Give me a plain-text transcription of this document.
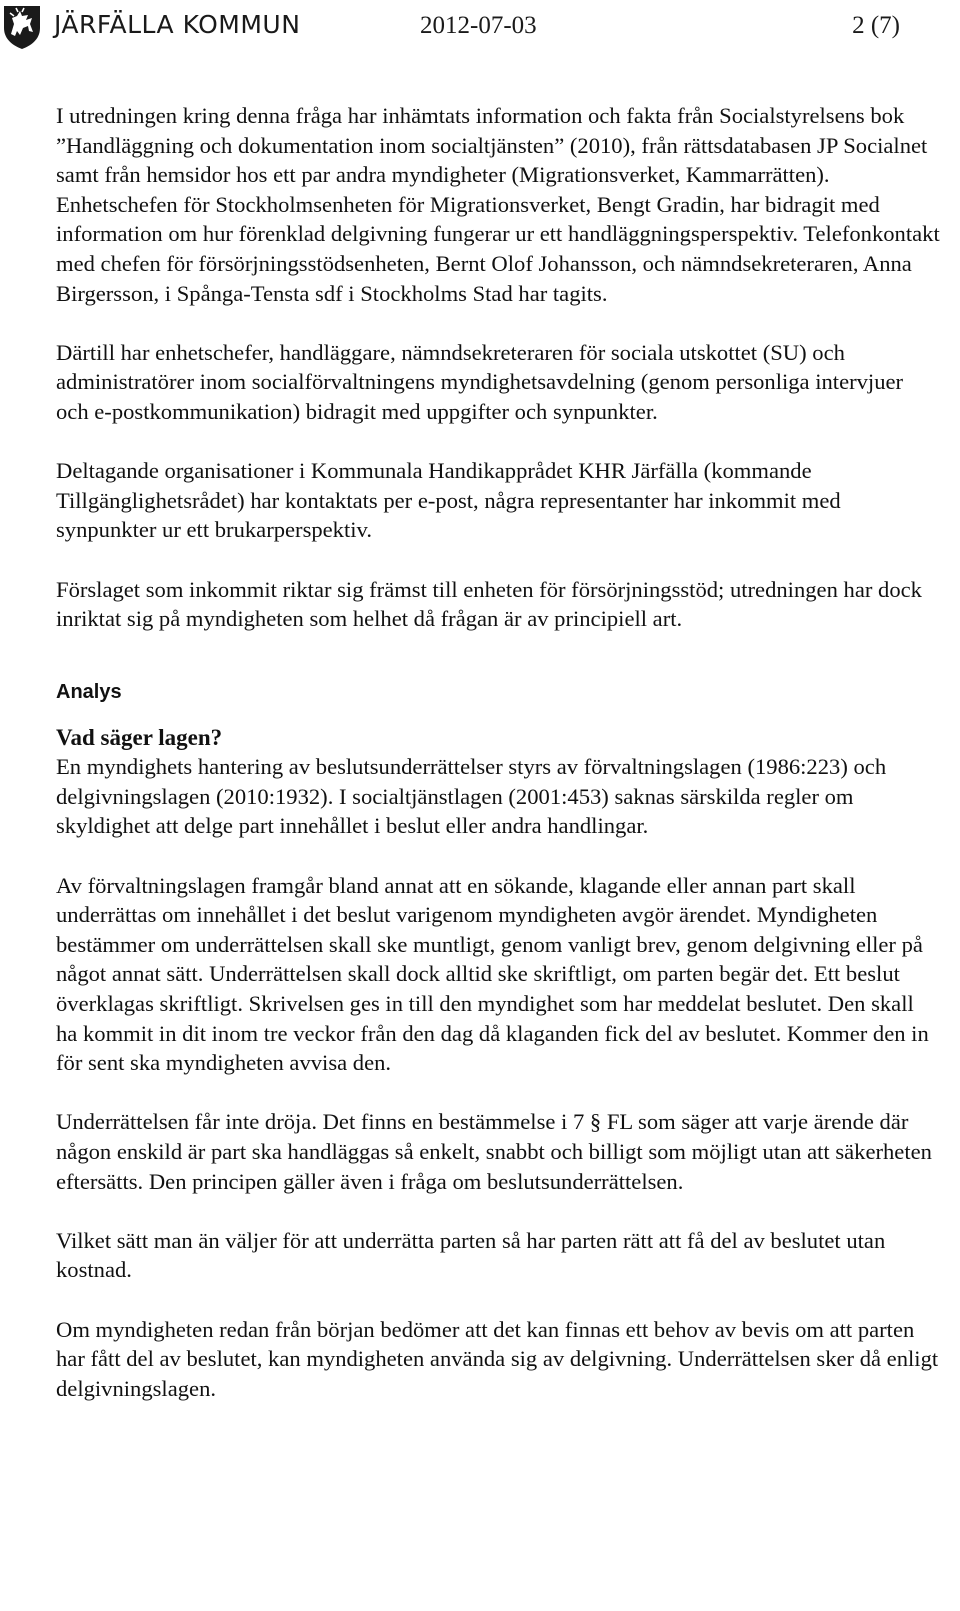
JÄRFÄLLA KOMMUN	2012-07-03	2 (7)

I utredningen kring denna fråga har inhämtats information och fakta från Socialstyrelsens bok ”Handläggning och dokumentation inom socialtjänsten” (2010), från rättsdatabasen JP Socialnet samt från hemsidor hos ett par andra myndigheter (Migrationsverket, Kammarrätten). Enhetschefen för Stockholmsenheten för Migrationsverket, Bengt Gradin, har bidragit med information om hur förenklad delgivning fungerar ur ett handläggningsperspektiv. Telefonkontakt med chefen för försörjningsstödsenheten, Bernt Olof Johansson, och nämndsekreteraren, Anna Birgersson, i Spånga-Tensta sdf i Stockholms Stad har tagits.

Därtill har enhetschefer, handläggare, nämndsekreteraren för sociala utskottet (SU) och administratörer inom socialförvaltningens myndighetsavdelning (genom personliga intervjuer och e-postkommunikation) bidragit med uppgifter och synpunkter.

Deltagande organisationer i Kommunala Handikapprådet KHR Järfälla (kommande Tillgänglighetsrådet) har kontaktats per e-post, några representanter har inkommit med synpunkter ur ett brukarperspektiv.

Förslaget som inkommit riktar sig främst till enheten för försörjningsstöd; utredningen har dock inriktat sig på myndigheten som helhet då frågan är av principiell art.

Analys
Vad säger lagen?

En myndighets hantering av beslutsunderrättelser styrs av förvaltningslagen (1986:223) och delgivningslagen (2010:1932). I socialtjänstlagen (2001:453) saknas särskilda regler om skyldighet att delge part innehållet i beslut eller andra handlingar.

Av förvaltningslagen framgår bland annat att en sökande, klagande eller annan part skall underrättas om innehållet i det beslut varigenom myndigheten avgör ärendet. Myndigheten bestämmer om underrättelsen skall ske muntligt, genom vanligt brev, genom delgivning eller på något annat sätt. Underrättelsen skall dock alltid ske skriftligt, om parten begär det. Ett beslut överklagas skriftligt. Skrivelsen ges in till den myndighet som har meddelat beslutet. Den skall ha kommit in dit inom tre veckor från den dag då klaganden fick del av beslutet. Kommer den in för sent ska myndigheten avvisa den.

Underrättelsen får inte dröja. Det finns en bestämmelse i 7 § FL som säger att varje ärende där någon enskild är part ska handläggas så enkelt, snabbt och billigt som möjligt utan att säkerheten eftersätts. Den principen gäller även i fråga om beslutsunderrättelsen.

Vilket sätt man än väljer för att underrätta parten så har parten rätt att få del av beslutet utan kostnad.

Om myndigheten redan från början bedömer att det kan finnas ett behov av bevis om att parten har fått del av beslutet, kan myndigheten använda sig av delgivning. Underrättelsen sker då enligt delgivningslagen.
